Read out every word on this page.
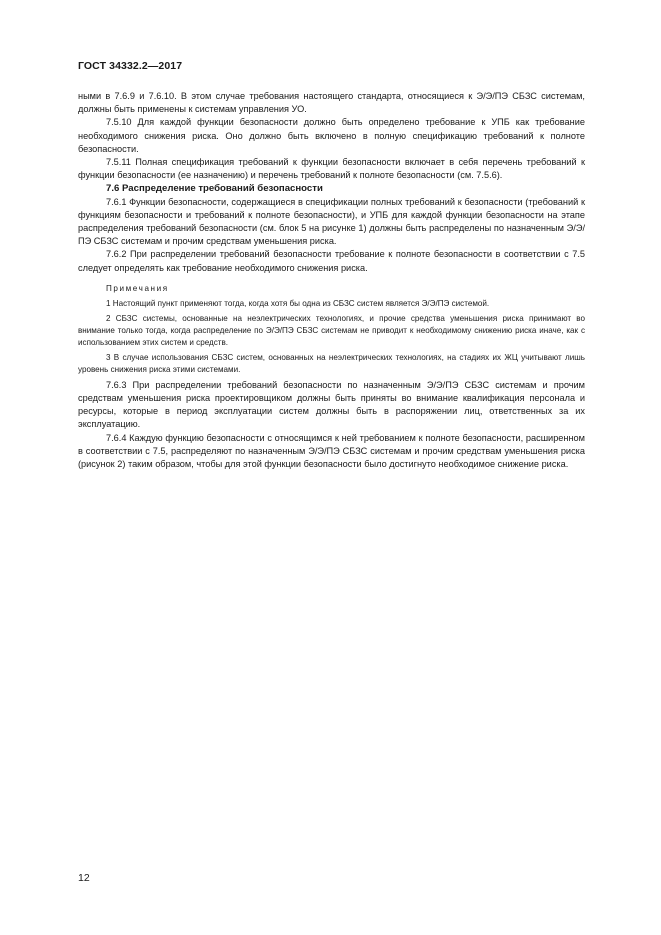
ГОСТ 34332.2—2017

ными в 7.6.9 и 7.6.10. В этом случае требования настоящего стандарта, относящиеся к Э/Э/ПЭ СБЗС системам, должны быть применены к системам управления УО.

7.5.10 Для каждой функции безопасности должно быть определено требование к УПБ как требование необходимого снижения риска. Оно должно быть включено в полную спецификацию требований к полноте безопасности.

7.5.11 Полная спецификация требований к функции безопасности включает в себя перечень требований к функции безопасности (ее назначению) и перечень требований к полноте безопасности (см. 7.5.6).

7.6 Распределение требований безопасности

7.6.1 Функции безопасности, содержащиеся в спецификации полных требований к безопасности (требований к функциям безопасности и требований к полноте безопасности), и УПБ для каждой функции безопасности на этапе распределения требований безопасности (см. блок 5 на рисунке 1) должны быть распределены по назначенным Э/Э/ПЭ СБЗС системам и прочим средствам уменьшения риска.

7.6.2 При распределении требований безопасности требование к полноте безопасности в соответствии с 7.5 следует определять как требование необходимого снижения риска.

Примечания

1 Настоящий пункт применяют тогда, когда хотя бы одна из СБЗС систем является Э/Э/ПЭ системой.

2 СБЗС системы, основанные на неэлектрических технологиях, и прочие средства уменьшения риска принимают во внимание только тогда, когда распределение по Э/Э/ПЭ СБЗС системам не приводит к необходимому снижению риска иначе, как с использованием этих систем и средств.

3 В случае использования СБЗС систем, основанных на неэлектрических технологиях, на стадиях их ЖЦ учитывают лишь уровень снижения риска этими системами.

7.6.3 При распределении требований безопасности по назначенным Э/Э/ПЭ СБЗС системам и прочим средствам уменьшения риска проектировщиком должны быть приняты во внимание квалификация персонала и ресурсы, которые в период эксплуатации систем должны быть в распоряжении лиц, ответственных за их эксплуатацию.

7.6.4 Каждую функцию безопасности с относящимся к ней требованием к полноте безопасности, расширенном в соответствии с 7.5, распределяют по назначенным Э/Э/ПЭ СБЗС системам и прочим средствам уменьшения риска (рисунок 2) таким образом, чтобы для этой функции безопасности было достигнуто необходимое снижение риска.

12
